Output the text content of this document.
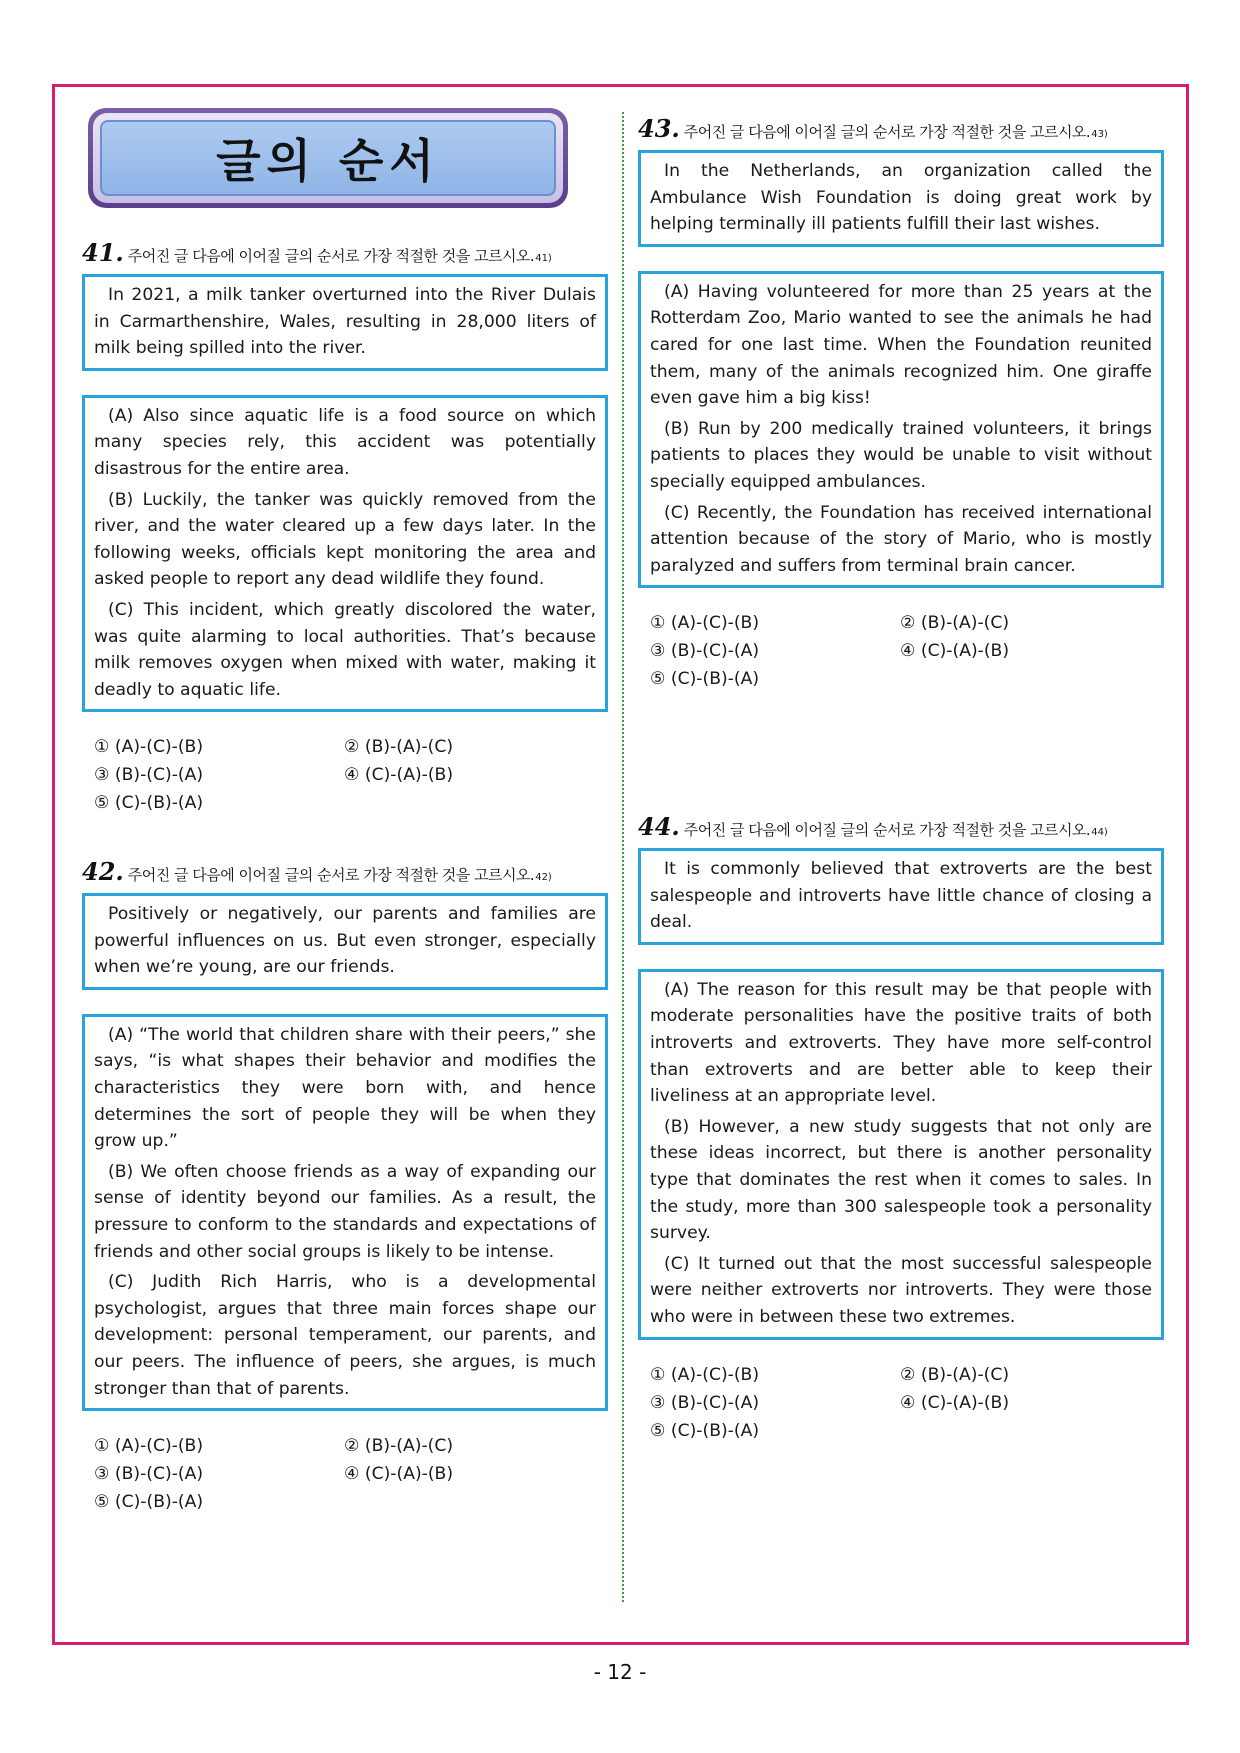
글의 순서
41. 주어진 글 다음에 이어질 글의 순서로 가장 적절한 것을 고르시오. 41)

In 2021, a milk tanker overturned into the River Dulais in Carmarthenshire, Wales, resulting in 28,000 liters of milk being spilled into the river.

(A) Also since aquatic life is a food source on which many species rely, this accident was potentially disastrous for the entire area.

(B) Luckily, the tanker was quickly removed from the river, and the water cleared up a few days later. In the following weeks, officials kept monitoring the area and asked people to report any dead wildlife they found.

(C) This incident, which greatly discolored the water, was quite alarming to local authorities. That’s because milk removes oxygen when mixed with water, making it deadly to aquatic life.

① (A)-(C)-(B)	② (B)-(A)-(C)
③ (B)-(C)-(A)	④ (C)-(A)-(B)
⑤ (C)-(B)-(A)
42. 주어진 글 다음에 이어질 글의 순서로 가장 적절한 것을 고르시오. 42)

Positively or negatively, our parents and families are powerful influences on us. But even stronger, especially when we’re young, are our friends.

(A) “The world that children share with their peers,” she says, “is what shapes their behavior and modifies the characteristics they were born with, and hence determines the sort of people they will be when they grow up.”

(B) We often choose friends as a way of expanding our sense of identity beyond our families. As a result, the pressure to conform to the standards and expectations of friends and other social groups is likely to be intense.

(C) Judith Rich Harris, who is a developmental psychologist, argues that three main forces shape our development: personal temperament, our parents, and our peers. The influence of peers, she argues, is much stronger than that of parents.

① (A)-(C)-(B)	② (B)-(A)-(C)
③ (B)-(C)-(A)	④ (C)-(A)-(B)
⑤ (C)-(B)-(A)
43. 주어진 글 다음에 이어질 글의 순서로 가장 적절한 것을 고르시오. 43)

In the Netherlands, an organization called the Ambulance Wish Foundation is doing great work by helping terminally ill patients fulfill their last wishes.

(A) Having volunteered for more than 25 years at the Rotterdam Zoo, Mario wanted to see the animals he had cared for one last time. When the Foundation reunited them, many of the animals recognized him. One giraffe even gave him a big kiss!

(B) Run by 200 medically trained volunteers, it brings patients to places they would be unable to visit without specially equipped ambulances.

(C) Recently, the Foundation has received international attention because of the story of Mario, who is mostly paralyzed and suffers from terminal brain cancer.

① (A)-(C)-(B)	② (B)-(A)-(C)
③ (B)-(C)-(A)	④ (C)-(A)-(B)
⑤ (C)-(B)-(A)
44. 주어진 글 다음에 이어질 글의 순서로 가장 적절한 것을 고르시오. 44)

It is commonly believed that extroverts are the best salespeople and introverts have little chance of closing a deal.

(A) The reason for this result may be that people with moderate personalities have the positive traits of both introverts and extroverts. They have more self-control than extroverts and are better able to keep their liveliness at an appropriate level.

(B) However, a new study suggests that not only are these ideas incorrect, but there is another personality type that dominates the rest when it comes to sales. In the study, more than 300 salespeople took a personality survey.

(C) It turned out that the most successful salespeople were neither extroverts nor introverts. They were those who were in between these two extremes.

① (A)-(C)-(B)	② (B)-(A)-(C)
③ (B)-(C)-(A)	④ (C)-(A)-(B)
⑤ (C)-(B)-(A)
- 12 -
